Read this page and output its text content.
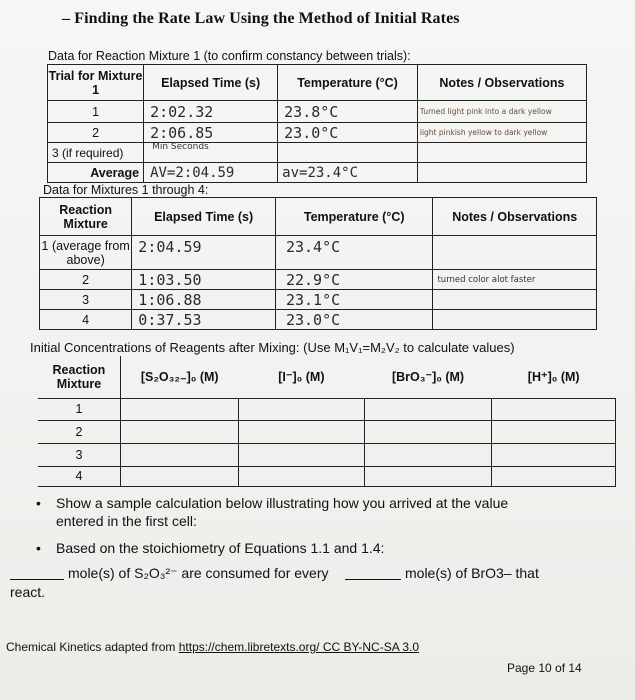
– Finding the Rate Law Using the Method of Initial Rates
Data for Reaction Mixture 1 (to confirm constancy between trials):
Trial for Mixture 1	Elapsed Time (s)	Temperature (°C)	Notes / Observations
1	2:02.32	23.8°C	Turned light pink into a dark yellow
2	2:06.85	23.0°C	light pinkish yellow to dark yellow
3 (if required)	Min Seconds		
Average	AV=2:04.59	av=23.4°C	
Data for Mixtures 1 through 4:
Reaction Mixture	Elapsed Time (s)	Temperature (°C)	Notes / Observations
1 (average from above)	2:04.59	23.4°C	
2	1:03.50	22.9°C	turned color alot faster
3	1:06.88	23.1°C	
4	0:37.53	23.0°C	
Initial Concentrations of Reagents after Mixing: (Use M₁V₁=M₂V₂ to calculate values)
Reaction Mixture	[S₂O₃₂₋]₀ (M)	[I⁻]₀ (M)	[BrO₃⁻]₀ (M)	[H⁺]₀ (M)
1				
2				
3				
4				
• Show a sample calculation below illustrating how you arrived at the value
entered in the first cell:
• Based on the stoichiometry of Equations 1.1 and 1.4:
mole(s) of S₂O₃²⁻ are consumed for every	mole(s) of BrO3– that
react.
Chemical Kinetics adapted from https://chem.libretexts.org/ CC BY-NC-SA 3.0
Page 10 of 14
